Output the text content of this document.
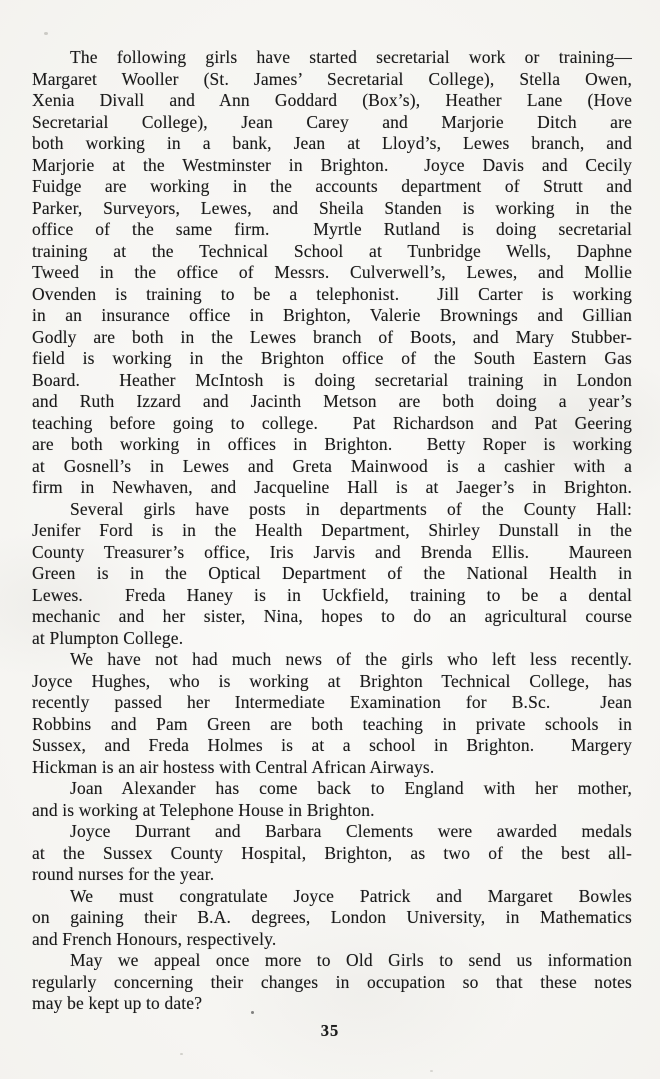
The following girls have started secretarial work or training—
Margaret Wooller (St. James’ Secretarial College), Stella Owen,
Xenia Divall and Ann Goddard (Box’s), Heather Lane (Hove
Secretarial College), Jean Carey and Marjorie Ditch are
both working in a bank, Jean at Lloyd’s, Lewes branch, and
Marjorie at the Westminster in Brighton.  Joyce Davis and Cecily
Fuidge are working in the accounts department of Strutt and
Parker, Surveyors, Lewes, and Sheila Standen is working in the
office of the same firm.  Myrtle Rutland is doing secretarial
training at the Technical School at Tunbridge Wells, Daphne
Tweed in the office of Messrs. Culverwell’s, Lewes, and Mollie
Ovenden is training to be a telephonist.  Jill Carter is working
in an insurance office in Brighton, Valerie Brownings and Gillian
Godly are both in the Lewes branch of Boots, and Mary Stubber-
field is working in the Brighton office of the South Eastern Gas
Board.  Heather McIntosh is doing secretarial training in London
and Ruth Izzard and Jacinth Metson are both doing a year’s
teaching before going to college.  Pat Richardson and Pat Geering
are both working in offices in Brighton.  Betty Roper is working
at Gosnell’s in Lewes and Greta Mainwood is a cashier with a
firm in Newhaven, and Jacqueline Hall is at Jaeger’s in Brighton.
Several girls have posts in departments of the County Hall:
Jenifer Ford is in the Health Department, Shirley Dunstall in the
County Treasurer’s office, Iris Jarvis and Brenda Ellis.  Maureen
Green is in the Optical Department of the National Health in
Lewes.  Freda Haney is in Uckfield, training to be a dental
mechanic and her sister, Nina, hopes to do an agricultural course
at Plumpton College.
We have not had much news of the girls who left less recently.
Joyce Hughes, who is working at Brighton Technical College, has
recently passed her Intermediate Examination for B.Sc.  Jean
Robbins and Pam Green are both teaching in private schools in
Sussex, and Freda Holmes is at a school in Brighton.  Margery
Hickman is an air hostess with Central African Airways.
Joan Alexander has come back to England with her mother,
and is working at Telephone House in Brighton.
Joyce Durrant and Barbara Clements were awarded medals
at the Sussex County Hospital, Brighton, as two of the best all-
round nurses for the year.
We must congratulate Joyce Patrick and Margaret Bowles
on gaining their B.A. degrees, London University, in Mathematics
and French Honours, respectively.
May we appeal once more to Old Girls to send us information
regularly concerning their changes in occupation so that these notes
may be kept up to date?
35
